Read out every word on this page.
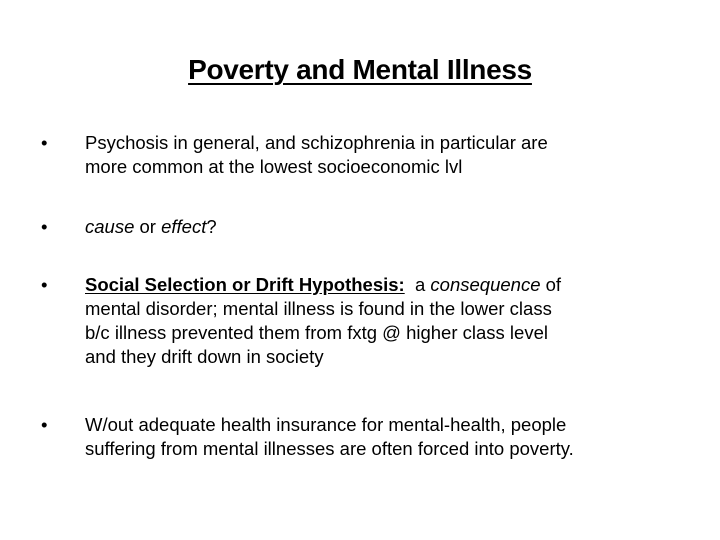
Poverty and Mental Illness
•	Psychosis in general, and schizophrenia in particular are
more common at the lowest socioeconomic lvl
•	cause or effect?
•	Social Selection or Drift Hypothesis:  a consequence of
mental disorder; mental illness is found in the lower class
b/c illness prevented them from fxtg @ higher class level
and they drift down in society
•	W/out adequate health insurance for mental-health, people
suffering from mental illnesses are often forced into poverty.
